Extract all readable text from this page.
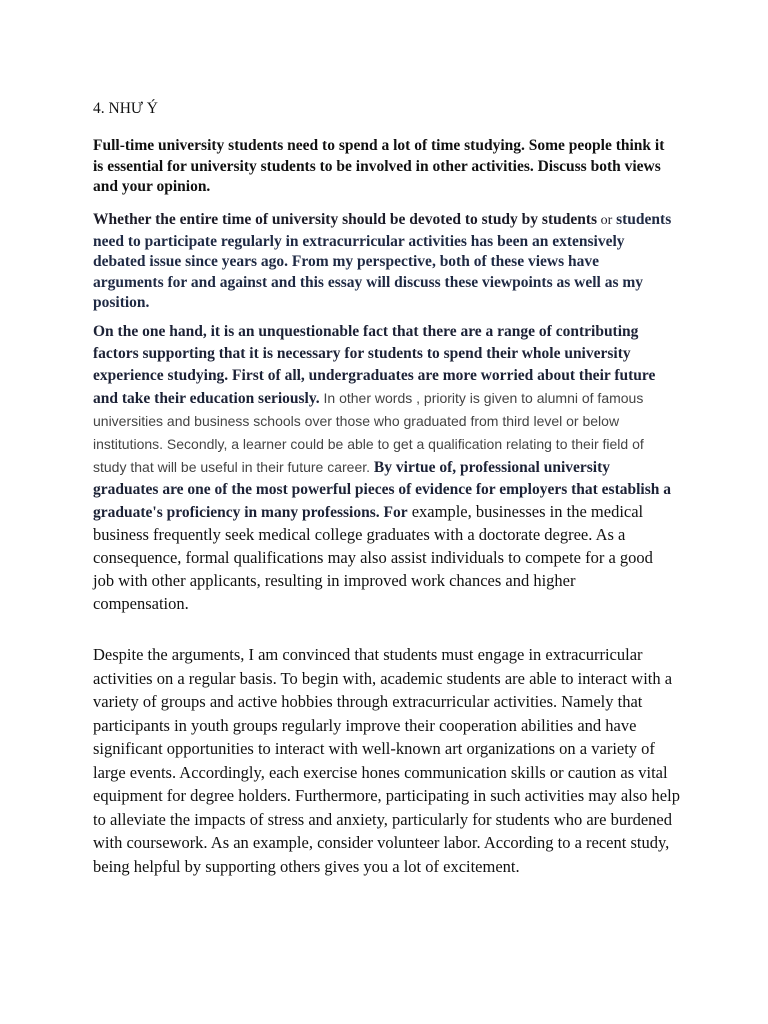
4. NHƯ Ý

Full-time university students need to spend a lot of time studying. Some people think it is essential for university students to be involved in other activities. Discuss both views and your opinion.

Whether the entire time of university should be devoted to study by students or students need to participate regularly in extracurricular activities has been an extensively debated issue since years ago. From my perspective, both of these views have arguments for and against and this essay will discuss these viewpoints as well as my position.

On the one hand, it is an unquestionable fact that there are a range of contributing factors supporting that it is necessary for students to spend their whole university experience studying. First of all, undergraduates are more worried about their future and take their education seriously. In other words , priority is given to alumni of famous universities and business schools over those who graduated from third level or below institutions. Secondly, a learner could be able to get a qualification relating to their field of study that will be useful in their future career. By virtue of, professional university graduates are one of the most powerful pieces of evidence for employers that establish a graduate's proficiency in many professions. For example, businesses in the medical business frequently seek medical college graduates with a doctorate degree. As a consequence, formal qualifications may also assist individuals to compete for a good job with other applicants, resulting in improved work chances and higher compensation.

Despite the arguments, I am convinced that students must engage in extracurricular activities on a regular basis. To begin with, academic students are able to interact with a variety of groups and active hobbies through extracurricular activities. Namely that participants in youth groups regularly improve their cooperation abilities and have significant opportunities to interact with well-known art organizations on a variety of large events. Accordingly, each exercise hones communication skills or caution as vital equipment for degree holders. Furthermore, participating in such activities may also help to alleviate the impacts of stress and anxiety, particularly for students who are burdened with coursework. As an example, consider volunteer labor. According to a recent study, being helpful by supporting others gives you a lot of excitement.
